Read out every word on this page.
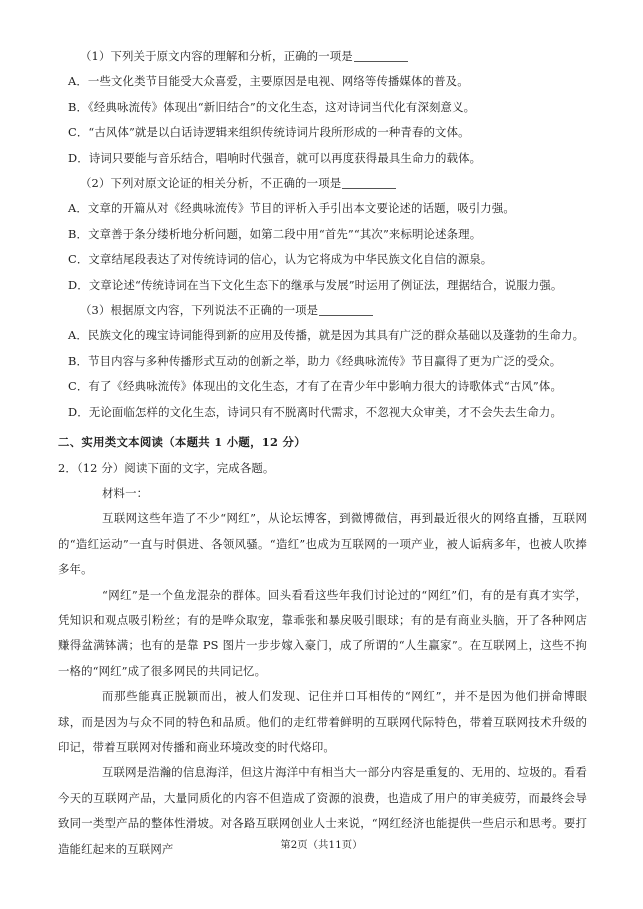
（1）下列关于原文内容的理解和分析，正确的一项是
A．一些文化类节目能受大众喜爱，主要原因是电视、网络等传播媒体的普及。
B．《经典咏流传》体现出“新旧结合”的文化生态，这对诗词当代化有深刻意义。
C．“古风体”就是以白话诗逻辑来组织传统诗词片段所形成的一种青春的文体。
D．诗词只要能与音乐结合，唱响时代强音，就可以再度获得最具生命力的载体。
（2）下列对原文论证的相关分析，不正确的一项是
A．文章的开篇从对《经典咏流传》节目的评析入手引出本文要论述的话题，吸引力强。
B．文章善于条分缕析地分析问题，如第二段中用“首先”“其次”来标明论述条理。
C．文章结尾段表达了对传统诗词的信心，认为它将成为中华民族文化自信的源泉。
D．文章论述“传统诗词在当下文化生态下的继承与发展”时运用了例证法，理据结合，说服力强。
（3）根据原文内容，下列说法不正确的一项是
A．民族文化的瑰宝诗词能得到新的应用及传播，就是因为其具有广泛的群众基础以及蓬勃的生命力。
B．节目内容与多种传播形式互动的创新之举，助力《经典咏流传》节目赢得了更为广泛的受众。
C．有了《经典咏流传》体现出的文化生态，才有了在青少年中影响力很大的诗歌体式“古风”体。
D．无论面临怎样的文化生态，诗词只有不脱离时代需求，不忽视大众审美，才不会失去生命力。
二、实用类文本阅读（本题共 1 小题，12 分）
2．（12 分）阅读下面的文字，完成各题。
材料一：
互联网这些年造了不少“网红”，从论坛博客，到微博微信，再到最近很火的网络直播，互联网的“造红运动”一直与时俱进、各领风骚。“造红”也成为互联网的一项产业，被人诟病多年，也被人吹捧多年。
“网红”是一个鱼龙混杂的群体。回头看看这些年我们讨论过的“网红”们，有的是有真才实学，凭知识和观点吸引粉丝；有的是哗众取宠，靠乖张和暴戾吸引眼球；有的是有商业头脑，开了各种网店赚得盆满钵满；也有的是靠 PS 图片一步步嫁入豪门，成了所谓的“人生赢家”。在互联网上，这些不拘一格的“网红”成了很多网民的共同记忆。
而那些能真正脱颖而出，被人们发现、记住并口耳相传的“网红”，并不是因为他们拼命博眼球，而是因为与众不同的特色和品质。他们的走红带着鲜明的互联网代际特色，带着互联网技术升级的印记，带着互联网对传播和商业环境改变的时代烙印。
互联网是浩瀚的信息海洋，但这片海洋中有相当大一部分内容是重复的、无用的、垃圾的。看看今天的互联网产品，大量同质化的内容不但造成了资源的浪费，也造成了用户的审美疲劳，而最终会导致同一类型产品的整体性滑坡。对各路互联网创业人士来说，“网红经济也能提供一些启示和思考。要打造能红起来的互联网产	第2页（共11页）
